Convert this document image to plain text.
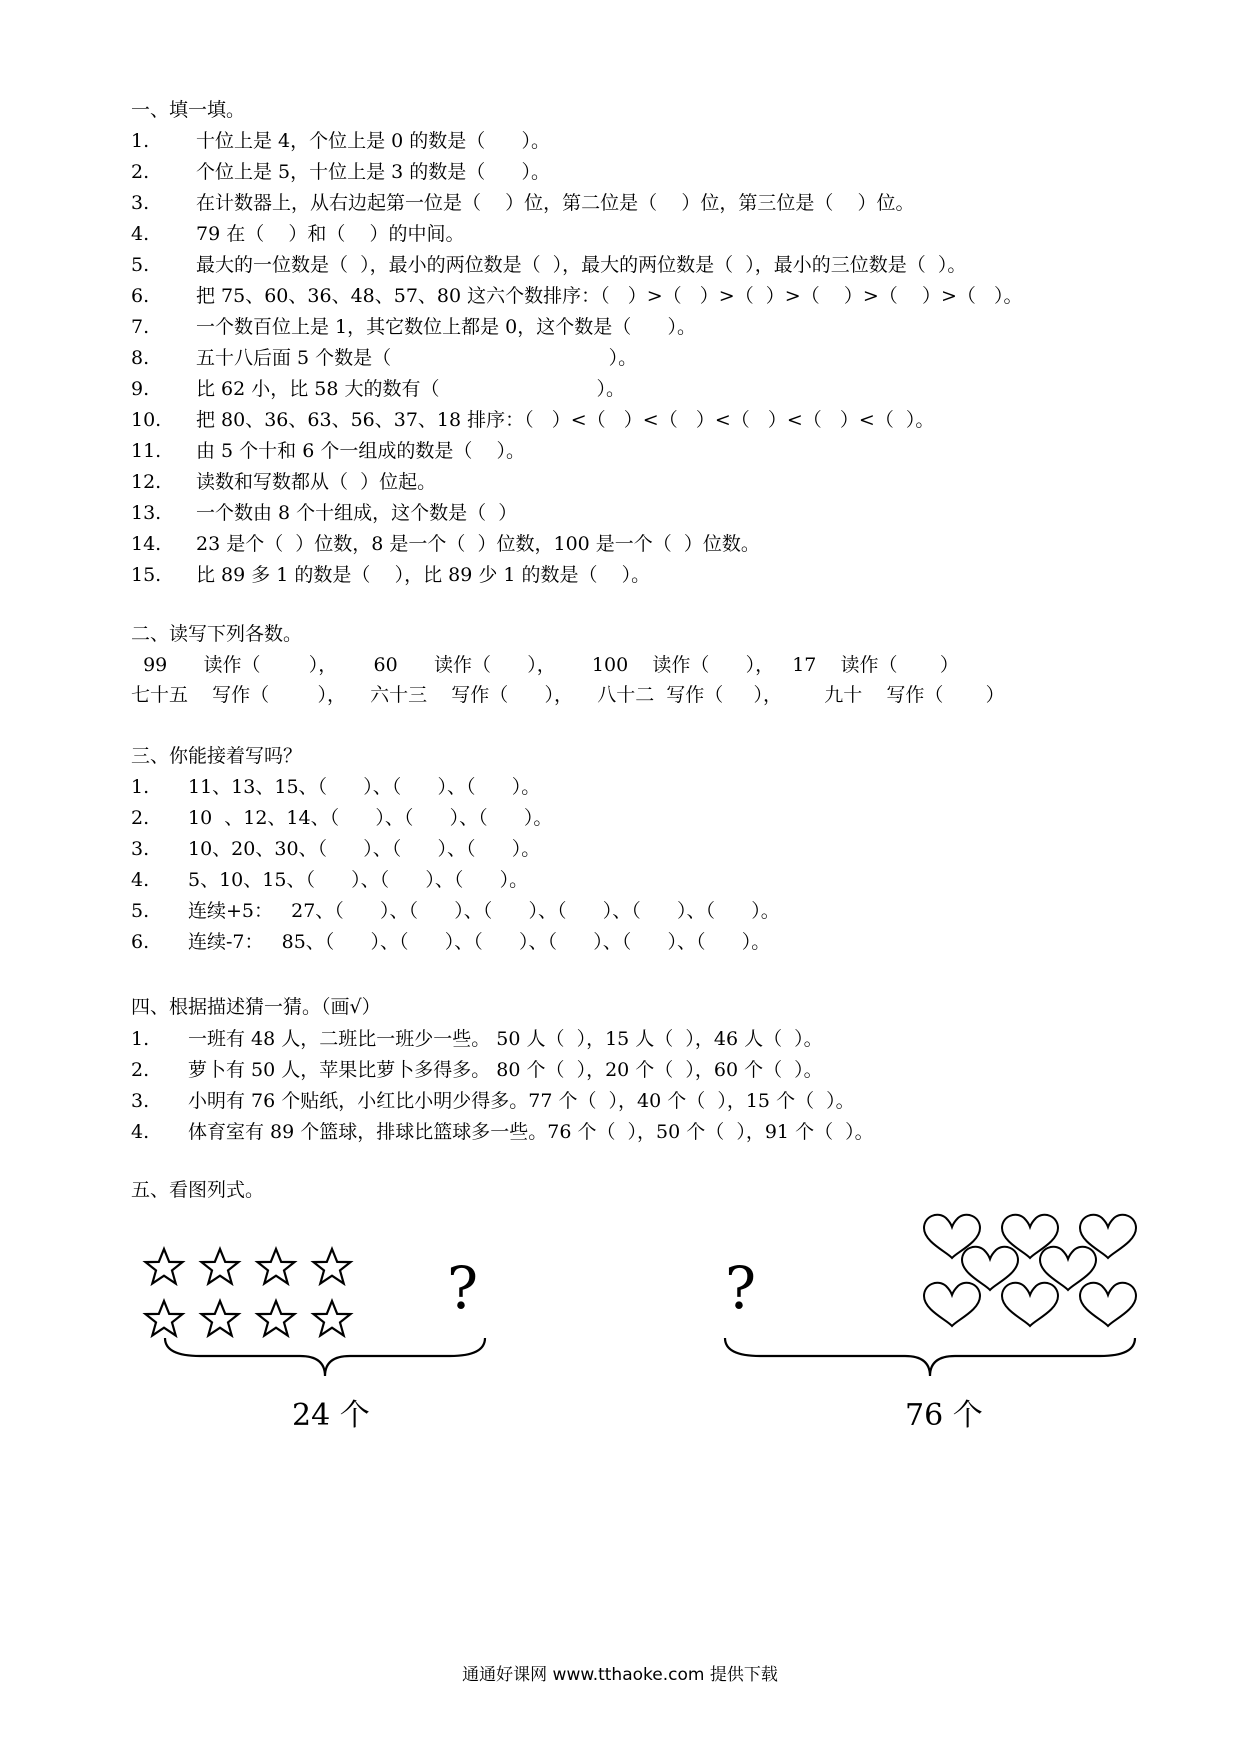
一、填一填。
1. 十位上是 4，个位上是 0 的数是（      ）。
2. 个位上是 5，十位上是 3 的数是（      ）。
3. 在计数器上，从右边起第一位是（    ）位，第二位是（    ）位，第三位是（    ）位。
4. 79 在（    ）和（    ）的中间。
5. 最大的一位数是（  ），最小的两位数是（  ），最大的两位数是（  ），最小的三位数是（  ）。
6. 把 75、60、36、48、57、80 这六个数排序：（   ）>（   ）>（  ）>（    ）>（    ）>（   ）。
7. 一个数百位上是 1，其它数位上都是 0，这个数是（      ）。
8. 五十八后面 5 个数是（                                    ）。
9. 比 62 小，比 58 大的数有（                          ）。
10. 把 80、36、63、56、37、18 排序：（   ）<（   ）<（   ）<（   ）<（   ）<（  ）。
11. 由 5 个十和 6 个一组成的数是（    ）。
12. 读数和写数都从（  ）位起。
13. 一个数由 8 个十组成，这个数是（  ）
14. 23 是个（  ）位数，8 是一个（  ）位数，100 是一个（  ）位数。
15. 比 89 多 1 的数是（    ），比 89 少 1 的数是（    ）。
二、读写下列各数。
99      读作（        ），      60      读作（      ），      100    读作（      ），   17    读作（       ）
七十五    写作（        ），    六十三    写作（      ），    八十二  写作（     ），       九十    写作（       ）
三、你能接着写吗？
1. 11、13、15、（      ）、（      ）、（      ）。
2. 10  、12、14、（      ）、（      ）、（      ）。
3. 10、20、30、（      ）、（      ）、（      ）。
4. 5、10、15、（      ）、（      ）、（      ）。
5. 连续+5：   27、（      ）、（      ）、（      ）、（      ）、（      ）、（      ）。
6. 连续-7：   85、（      ）、（      ）、（      ）、（      ）、（      ）、（      ）。
四、根据描述猜一猜。（画√）
1. 一班有 48 人，二班比一班少一些。 50 人（  ），15 人（  ），46 人（  ）。
2. 萝卜有 50 人，苹果比萝卜多得多。 80 个（  ），20 个（  ），60 个（  ）。
3. 小明有 76 个贴纸，小红比小明少得多。77 个（  ），40 个（  ），15 个（  ）。
4. 体育室有 89 个篮球，排球比篮球多一些。76 个（  ），50 个（  ），91 个（  ）。
五、看图列式。
?
24 个
?
76 个
通通好课网 www.tthaoke.com 提供下载
